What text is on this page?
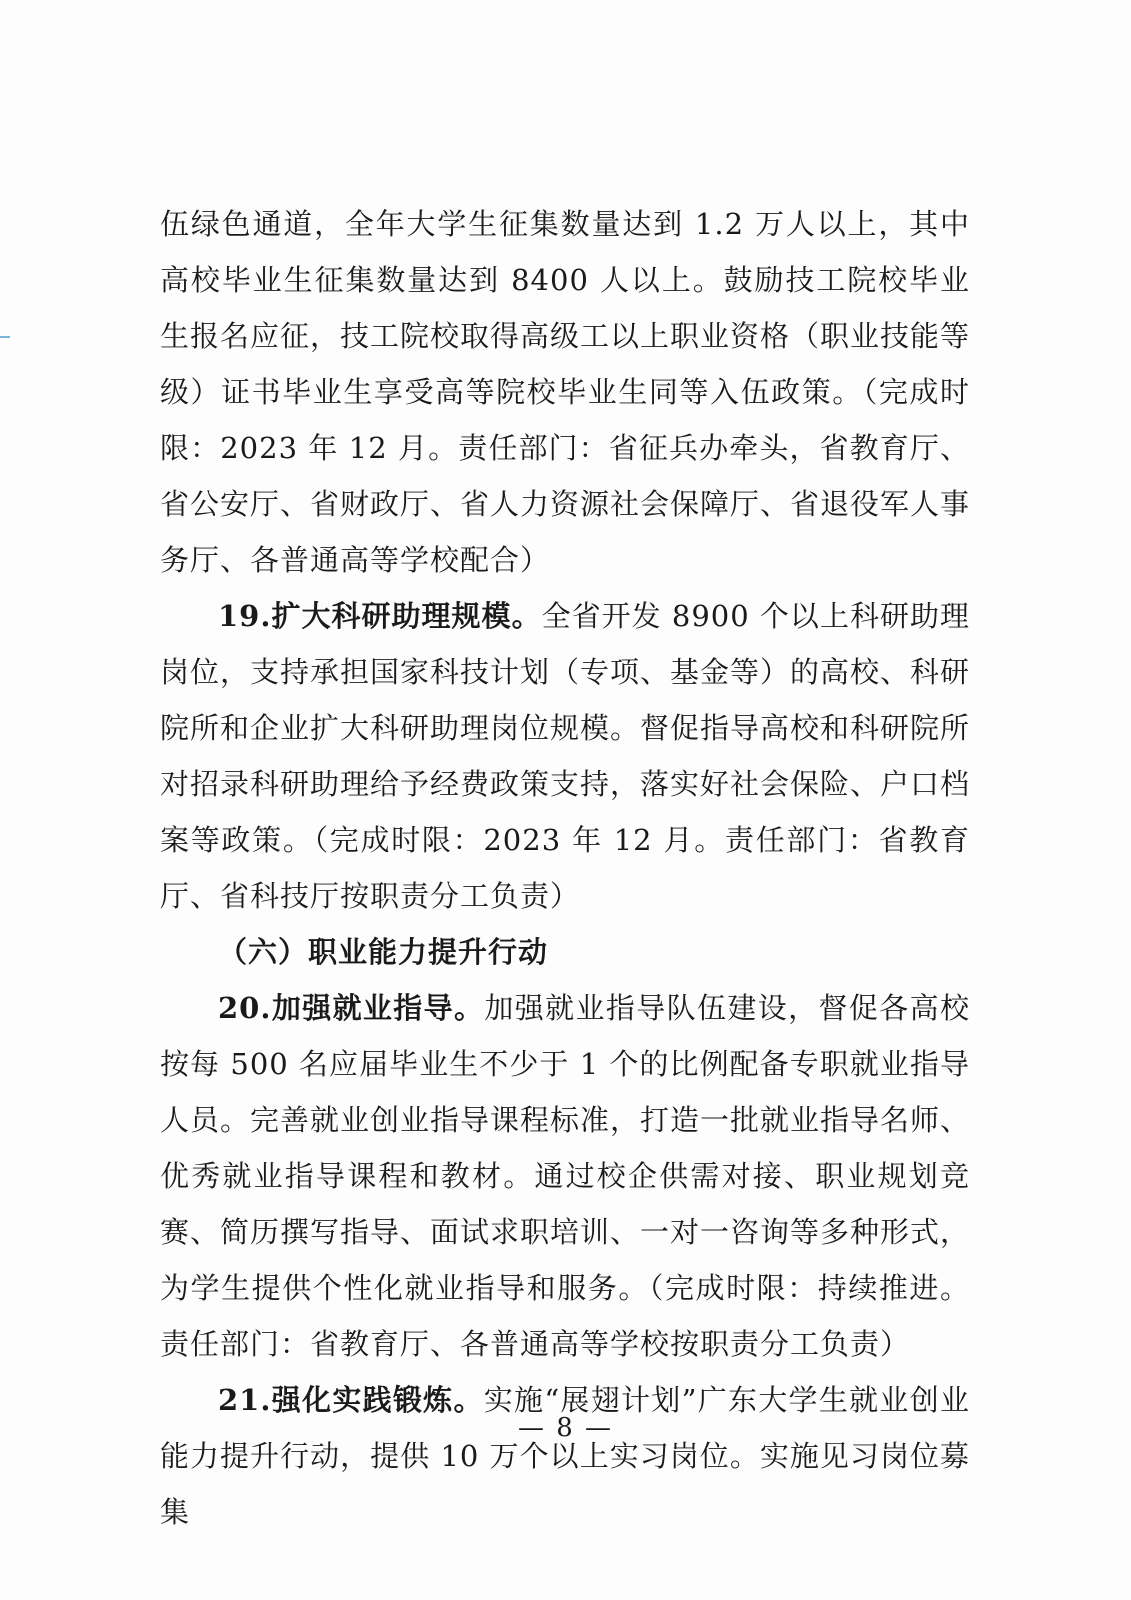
伍绿色通道，全年大学生征集数量达到 1.2 万人以上，其中高校毕业生征集数量达到 8400 人以上。鼓励技工院校毕业生报名应征，技工院校取得高级工以上职业资格（职业技能等级）证书毕业生享受高等院校毕业生同等入伍政策。（完成时限：2023 年 12 月。责任部门：省征兵办牵头，省教育厅、省公安厅、省财政厅、省人力资源社会保障厅、省退役军人事务厅、各普通高等学校配合）

19.扩大科研助理规模。全省开发 8900 个以上科研助理岗位，支持承担国家科技计划（专项、基金等）的高校、科研院所和企业扩大科研助理岗位规模。督促指导高校和科研院所对招录科研助理给予经费政策支持，落实好社会保险、户口档案等政策。（完成时限：2023 年 12 月。责任部门：省教育厅、省科技厅按职责分工负责）

（六）职业能力提升行动

20.加强就业指导。加强就业指导队伍建设，督促各高校按每 500 名应届毕业生不少于 1 个的比例配备专职就业指导人员。完善就业创业指导课程标准，打造一批就业指导名师、优秀就业指导课程和教材。通过校企供需对接、职业规划竞赛、简历撰写指导、面试求职培训、一对一咨询等多种形式，为学生提供个性化就业指导和服务。（完成时限：持续推进。责任部门：省教育厅、各普通高等学校按职责分工负责）

21.强化实践锻炼。实施“展翅计划”广东大学生就业创业能力提升行动，提供 10 万个以上实习岗位。实施见习岗位募集

— 8 —
